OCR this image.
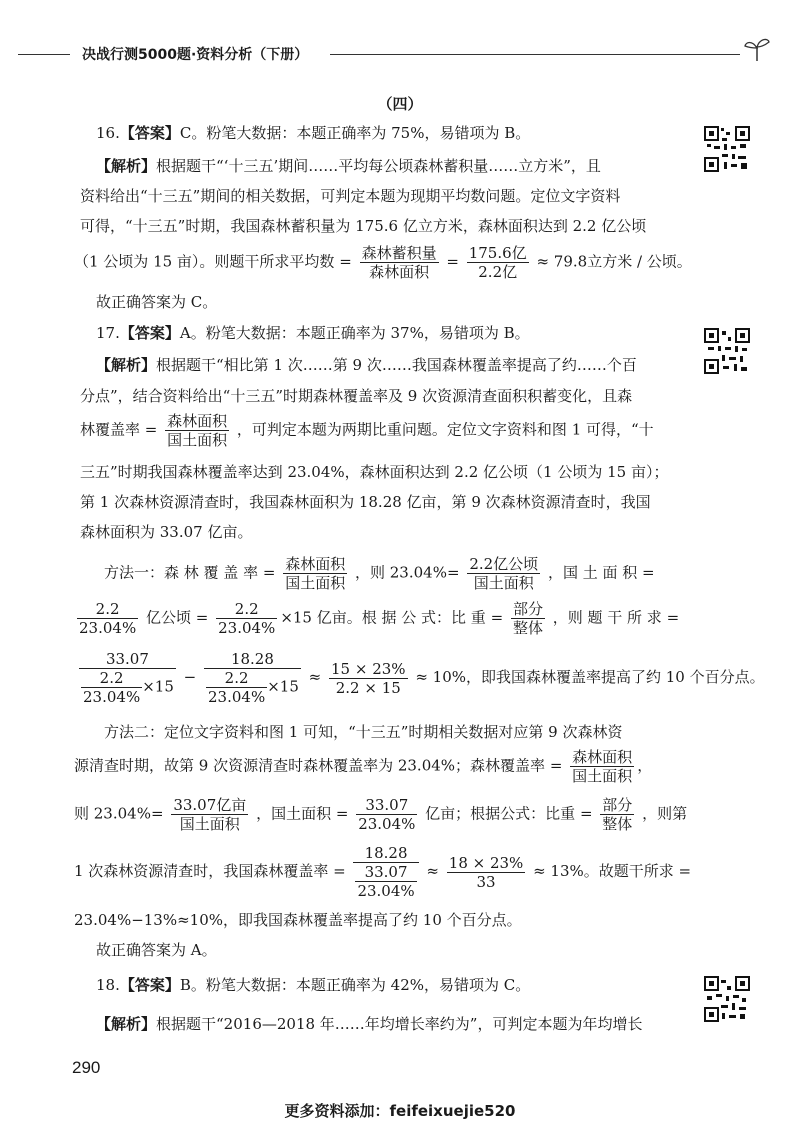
决战行测5000题·资料分析（下册）
（四）
16.【答案】C。粉笔大数据：本题正确率为 75%，易错项为 B。
【解析】根据题干“‘十三五’期间……平均每公顷森林蓄积量……立方米”，且
资料给出“十三五”期间的相关数据，可判定本题为现期平均数问题。定位文字资料
可得，“十三五”时期，我国森林蓄积量为 175.6 亿立方米，森林面积达到 2.2 亿公顷
（1 公顷为 15 亩）。则题干所求平均数 = $\frac{\text{森林蓄积量}}{\text{森林面积}} = \frac{\text{175.6亿}}{\text{2.2亿}} \approx 79.8$立方米 / 公顷。
故正确答案为 C。
17.【答案】A。粉笔大数据：本题正确率为 37%，易错项为 B。
【解析】根据题干“相比第 1 次……第 9 次……我国森林覆盖率提高了约……个百
分点”，结合资料给出“十三五”时期森林覆盖率及 9 次资源清查面积积蓄变化，且森
林覆盖率 = $\frac{\text{森林面积}}{\text{国土面积}}$ ，可判定本题为两期比重问题。定位文字资料和图 1 可得，“十
三五”时期我国森林覆盖率达到 23.04%，森林面积达到 2.2 亿公顷（1 公顷为 15 亩）；
第 1 次森林资源清查时，我国森林面积为 18.28 亿亩，第 9 次森林资源清查时，我国
森林面积为 33.07 亿亩。
方法一：森 林 覆 盖 率 = $\frac{\text{森林面积}}{\text{国土面积}}$ ，则 $23.04\%= \frac{\text{2.2亿公顷}}{\text{国土面积}}$ ，国 土 面 积 =
$\frac{2.2}{23.04\%}$ 亿公顷 = $\frac{2.2}{23.04\%} \times 15$ 亿亩。根 据 公 式：比 重 = $\frac{\text{部分}}{\text{整体}}$ ，则 题 干 所 求 =
$\frac{33.07}{\frac{2.2}{23.04\%} \times 15} - \frac{18.28}{\frac{2.2}{23.04\%} \times 15} \approx \frac{15 \times 23\%}{2.2 \times 15} \approx 10\%$，即我国森林覆盖率提高了约 10 个百分点。
方法二：定位文字资料和图 1 可知，“十三五”时期相关数据对应第 9 次森林资
源清查时期，故第 9 次资源清查时森林覆盖率为 23.04%；森林覆盖率 = $\frac{\text{森林面积}}{\text{国土面积}}$ ，
则 $23.04\%= \frac{\text{33.07亿亩}}{\text{国土面积}}$ ，国土面积 = $\frac{33.07}{23.04\%}$ 亿亩；根据公式：比重 = $\frac{\text{部分}}{\text{整体}}$ ，则第
1 次森林资源清查时，我国森林覆盖率 = $\frac{18.28}{\frac{33.07}{23.04\%}} \approx \frac{18 \times 23\%}{33} \approx 13\%$。故题干所求 =
23.04%−13%≈10%，即我国森林覆盖率提高了约 10 个百分点。
故正确答案为 A。
18.【答案】B。粉笔大数据：本题正确率为 42%，易错项为 C。
【解析】根据题干“2016—2018 年……年均增长率约为”，可判定本题为年均增长
290
更多资料添加：feifeixuejie520
